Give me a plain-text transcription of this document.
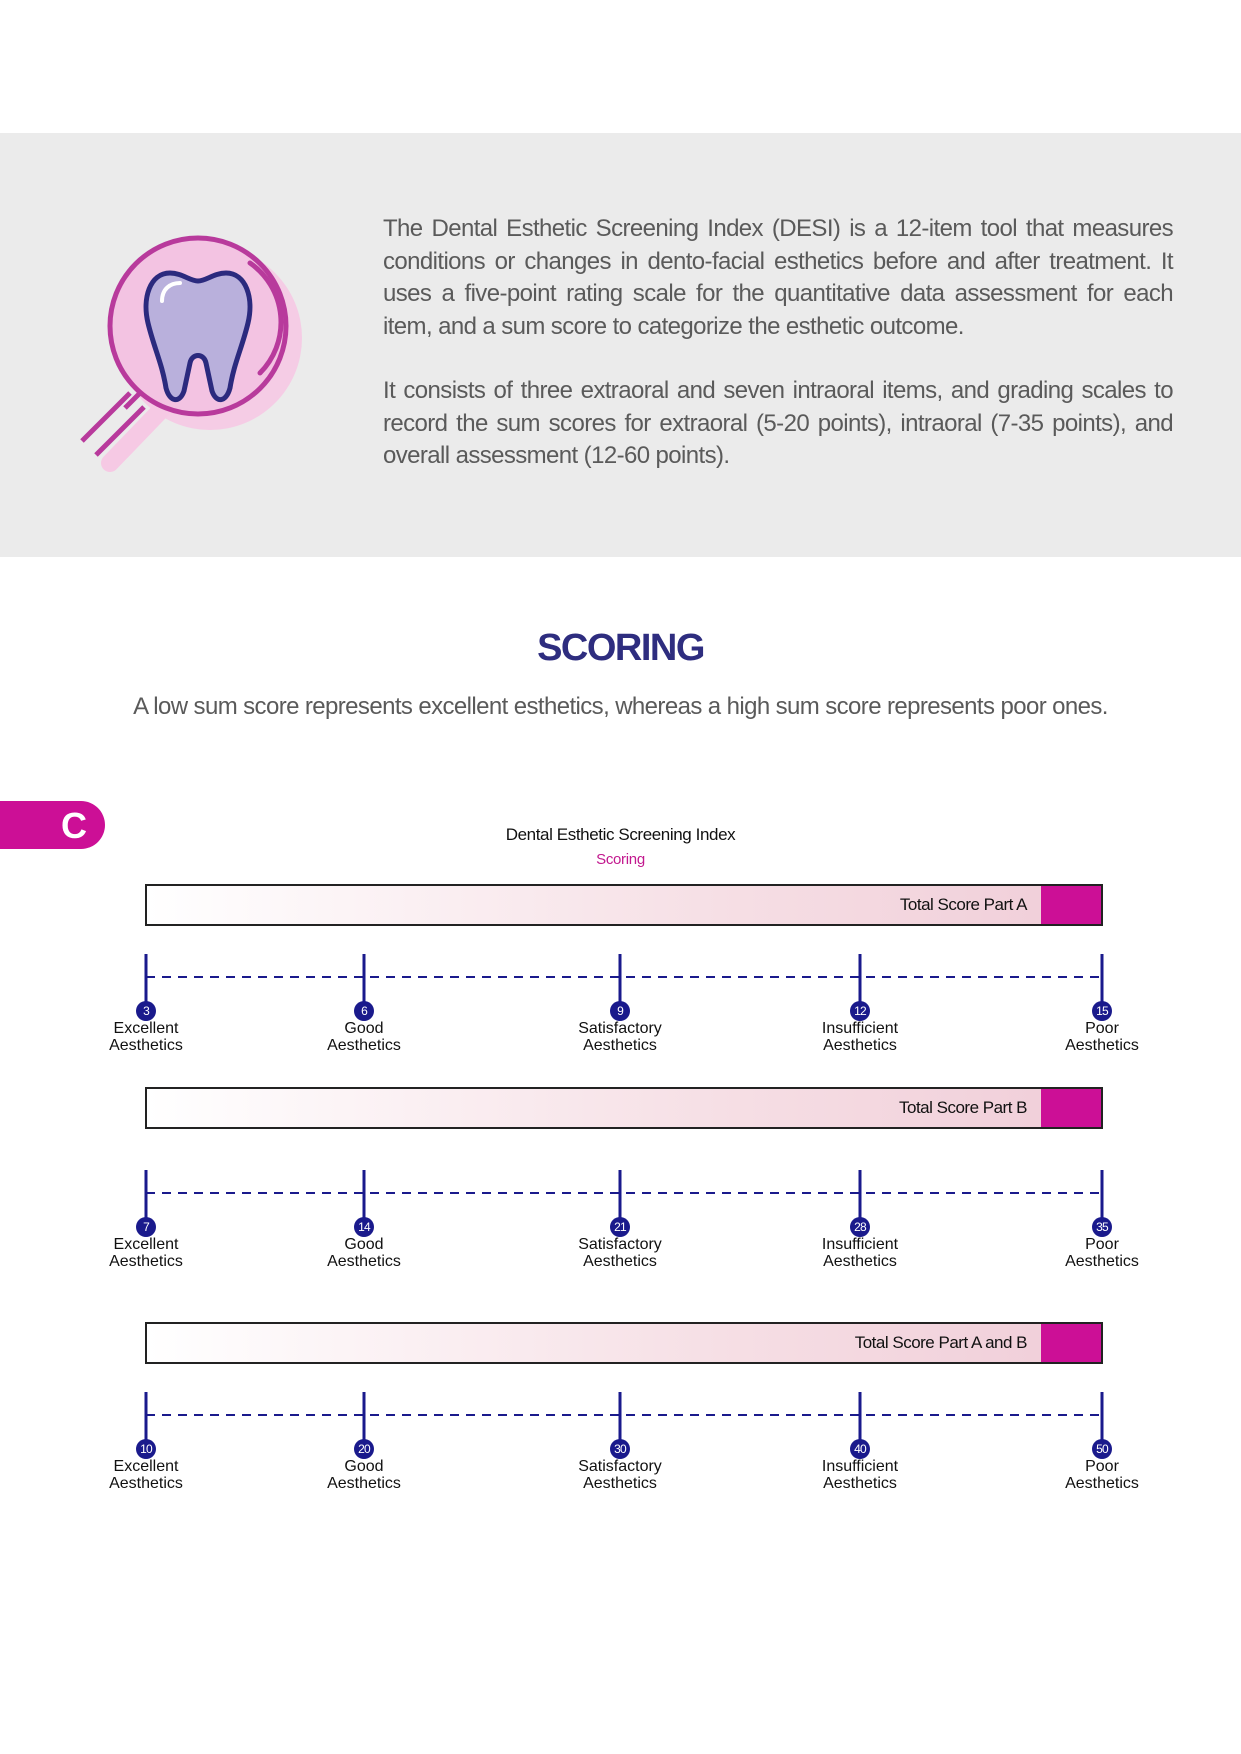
The Dental Esthetic Screening Index (DESI) is a 12-item tool that measures conditions or changes in dento-facial esthetics before and after treatment. It uses a five-point rating scale for the quantitative data assessment for each item, and a sum score to categorize the esthetic outcome.

It consists of three extraoral and seven intraoral items, and grading scales to record the sum scores for extraoral (5-20 points), intraoral (7-35 points), and overall assessment (12-60 points).

SCORING
A low sum score represents excellent esthetics, whereas a high sum score represents poor ones.
C	Dental Esthetic Screening Index
Scoring
Total Score Part A
3
Excellent
Aesthetics
6
Good
Aesthetics
9
Satisfactory
Aesthetics
12
Insufficient
Aesthetics
15
Poor
Aesthetics
Total Score Part B
7
Excellent
Aesthetics
14
Good
Aesthetics
21
Satisfactory
Aesthetics
28
Insufficient
Aesthetics
35
Poor
Aesthetics
Total Score Part A and B
10
Excellent
Aesthetics
20
Good
Aesthetics
30
Satisfactory
Aesthetics
40
Insufficient
Aesthetics
50
Poor
Aesthetics
